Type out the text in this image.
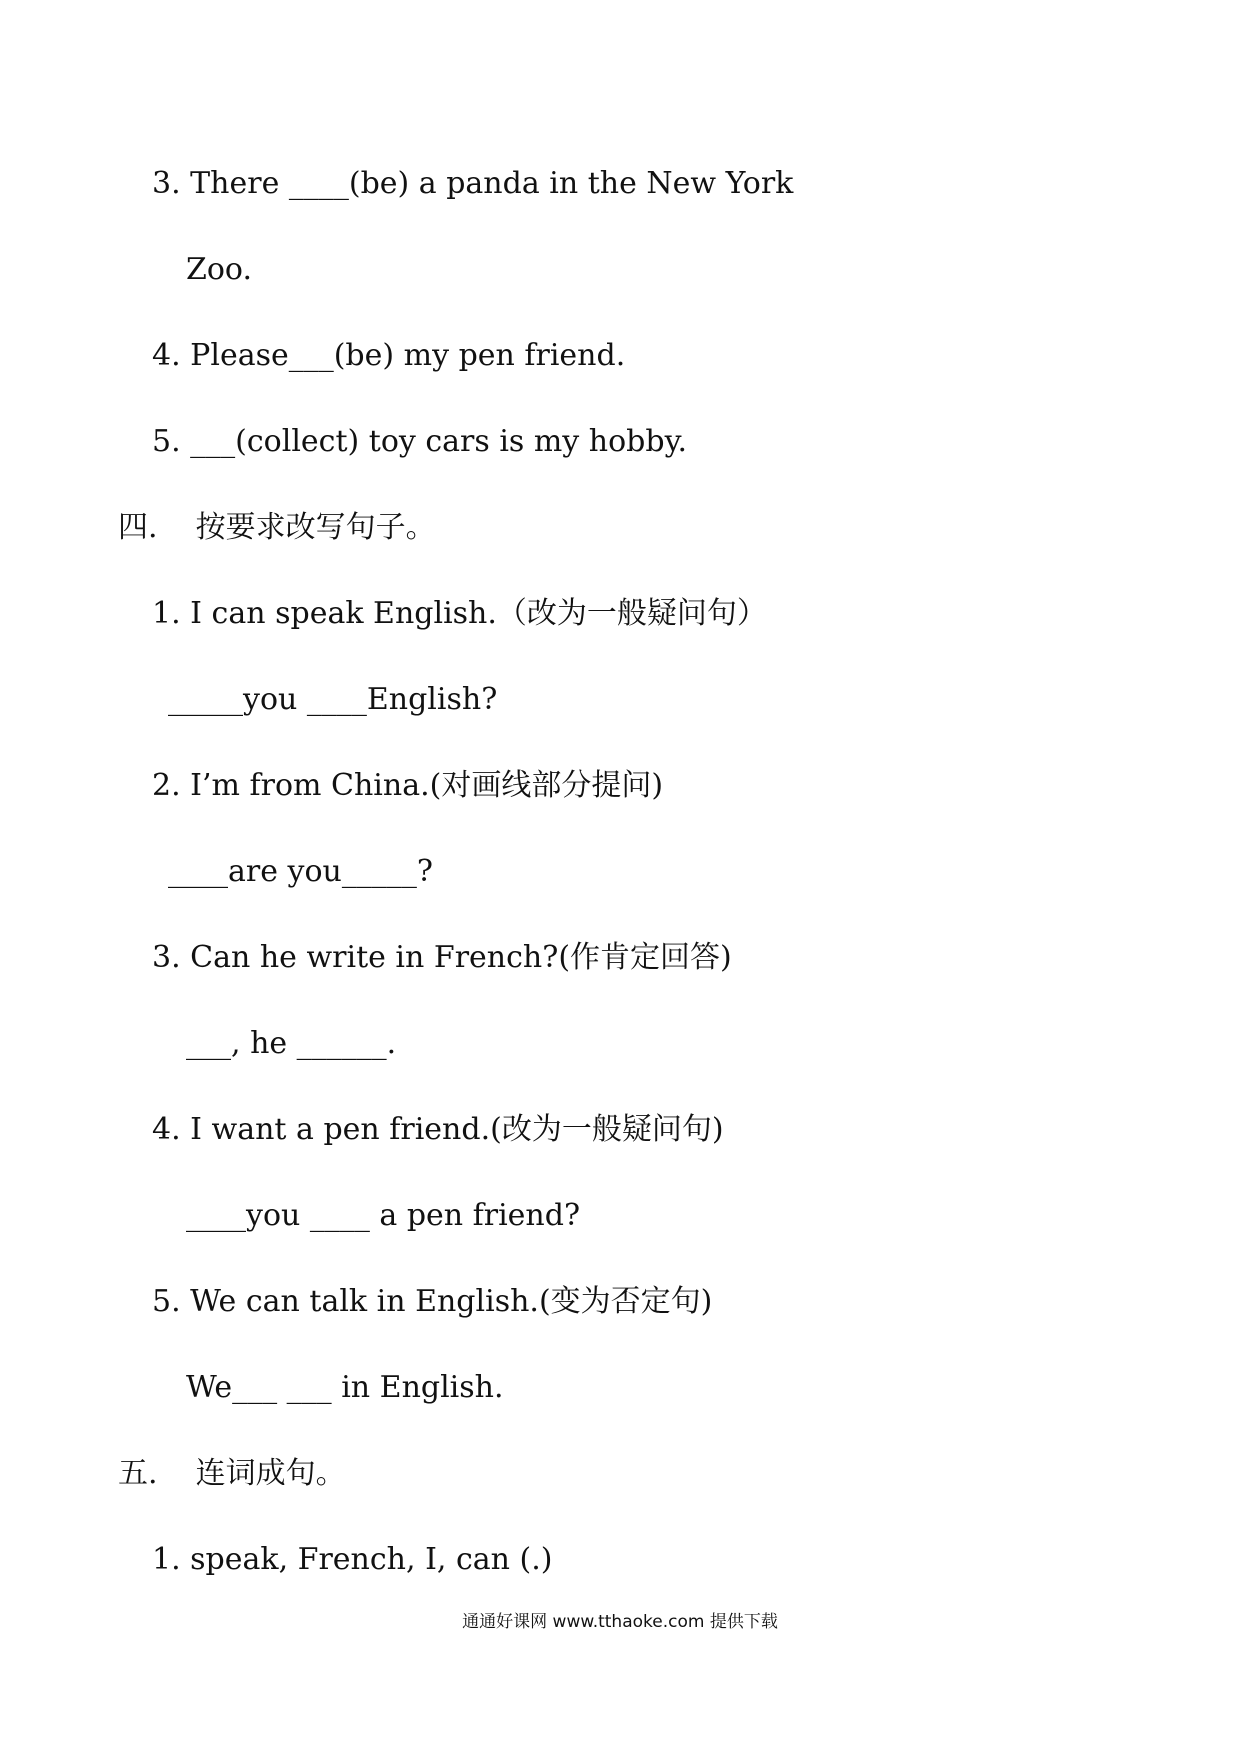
3. There ____(be) a panda in the New York
Zoo.
4. Please___(be) my pen friend.
5. ___(collect) toy cars is my hobby.
四.    按要求改写句子。
1. I can speak English.（改为一般疑问句）
_____you ____English?
2. I’m from China.(对画线部分提问)
____are you_____?
3. Can he write in French?(作肯定回答)
___, he ______.
4. I want a pen friend.(改为一般疑问句)
____you ____ a pen friend?
5. We can talk in English.(变为否定句)
We___ ___ in English.
五.    连词成句。
1. speak, French, I, can (.)
通通好课网 www.tthaoke.com 提供下载
